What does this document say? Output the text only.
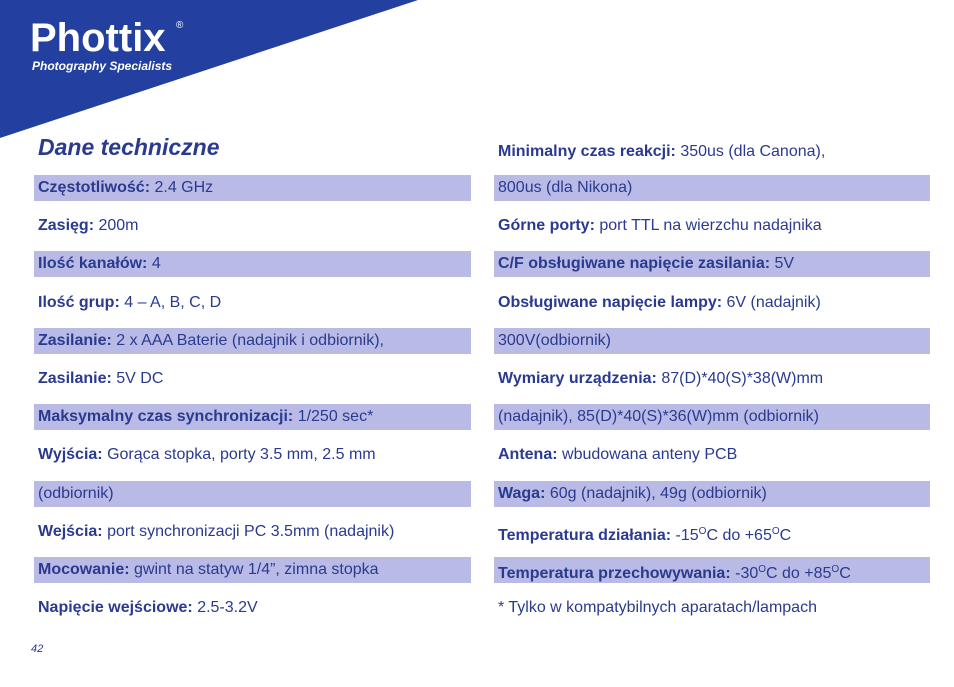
Phottix ®
Photography Specialists
Dane techniczne
Częstotliwość: 2.4 GHz
Zasięg: 200m
Ilość kanałów: 4
Ilość grup: 4 – A, B, C, D
Zasilanie: 2 x AAA Baterie (nadajnik i odbiornik),
Zasilanie: 5V DC
Maksymalny czas synchronizacji: 1/250 sec*
Wyjścia: Gorąca stopka, porty 3.5 mm, 2.5 mm
(odbiornik)
Wejścia: port synchronizacji PC 3.5mm (nadajnik)
Mocowanie: gwint na statyw 1/4”, zimna stopka
Napięcie wejściowe: 2.5-3.2V
Minimalny czas reakcji: 350us (dla Canona),
800us (dla Nikona)
Górne porty: port TTL na wierzchu nadajnika
C/F obsługiwane napięcie zasilania: 5V
Obsługiwane napięcie lampy: 6V (nadajnik)
300V(odbiornik)
Wymiary urządzenia: 87(D)*40(S)*38(W)mm
(nadajnik), 85(D)*40(S)*36(W)mm (odbiornik)
Antena: wbudowana anteny PCB
Waga: 60g (nadajnik), 49g (odbiornik)
Temperatura działania: $-15^OC$ do $+65^OC$
Temperatura przechowywania: $-30^OC$ do $+85^OC$
* Tylko w kompatybilnych aparatach/lampach
42
